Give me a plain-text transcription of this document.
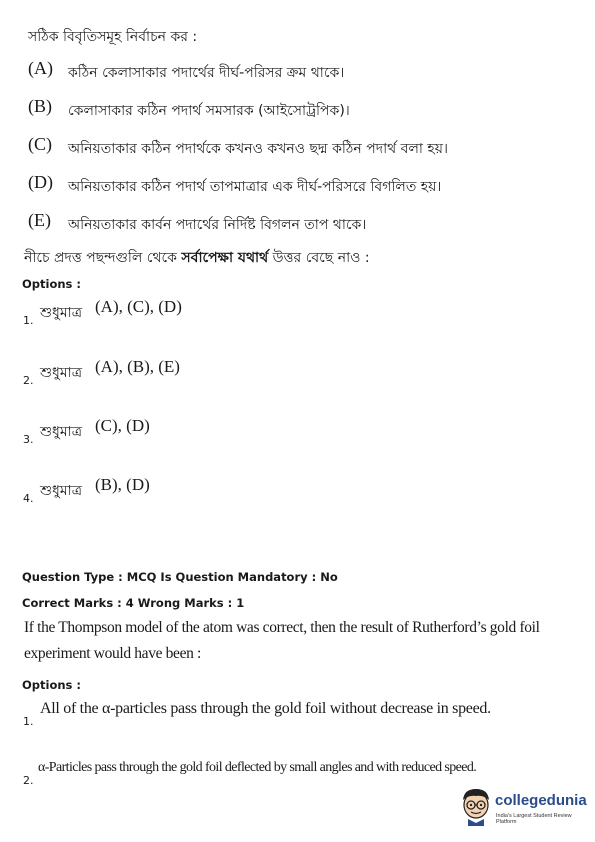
সঠিক বিবৃতিসমূহ নির্বাচন কর :
(A) কঠিন কেলাসাকার পদার্থের দীর্ঘ-পরিসর ক্রম থাকে।
(B) কেলাসাকার কঠিন পদার্থ সমসারক (আইসোট্রপিক)।
(C) অনিয়তাকার কঠিন পদার্থকে কখনও কখনও ছদ্ম কঠিন পদার্থ বলা হয়।
(D) অনিয়তাকার কঠিন পদার্থ তাপমাত্রার এক দীর্ঘ-পরিসরে বিগলিত হয়।
(E) অনিয়তাকার কার্বন পদার্থের নির্দিষ্ট বিগলন তাপ থাকে।
নীচে প্রদত্ত পছন্দগুলি থেকে সর্বাপেক্ষা যথার্থ উত্তর বেছে নাও :
Options :
1. শুধুমাত্র (A), (C), (D)
2. শুধুমাত্র (A), (B), (E)
3. শুধুমাত্র (C), (D)
4. শুধুমাত্র (B), (D)
Question Type : MCQ Is Question Mandatory : No
Correct Marks : 4 Wrong Marks : 1
If the Thompson model of the atom was correct, then the result of Rutherford’s gold foil
experiment would have been :
Options :
1.
All of the α-particles pass through the gold foil without decrease in speed.
2.
α-Particles pass through the gold foil deflected by small angles and with reduced speed.
collegedunia
India's Largest Student Review Platform
